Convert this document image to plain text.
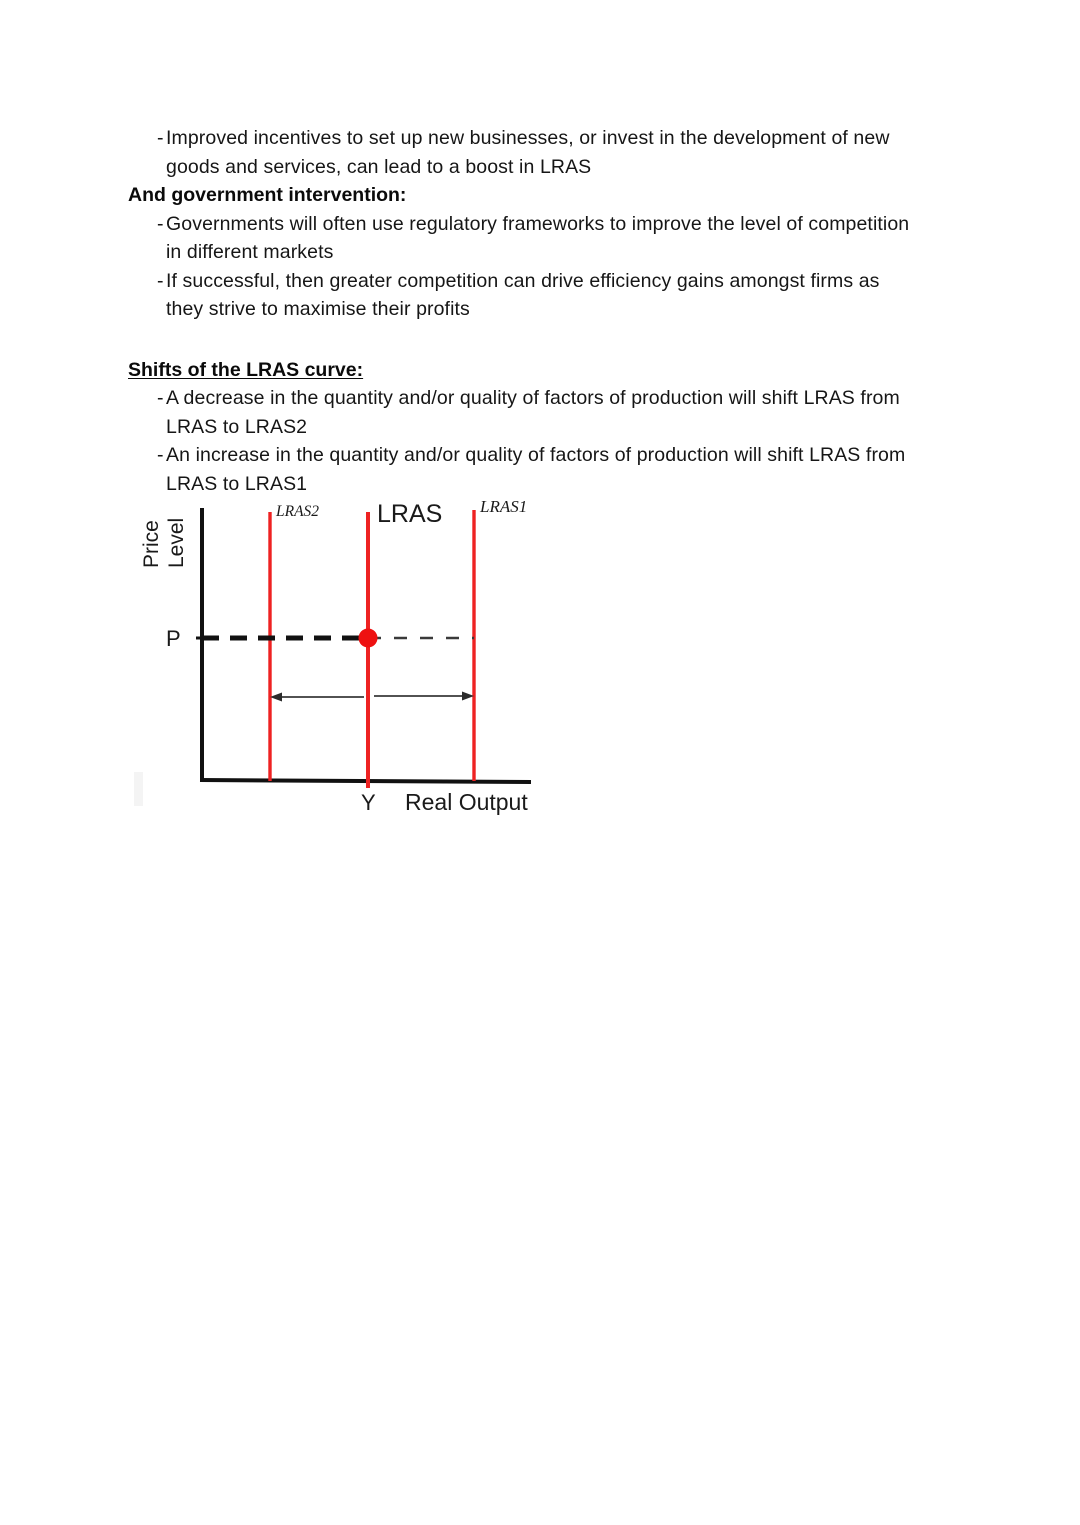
- Improved incentives to set up new businesses, or invest in the development of new
goods and services, can lead to a boost in LRAS
And government intervention:
- Governments will often use regulatory frameworks to improve the level of competition
in different markets
- If successful, then greater competition can drive efficiency gains amongst firms as
they strive to maximise their profits
Shifts of the LRAS curve:
- A decrease in the quantity and/or quality of factors of production will shift LRAS from
LRAS to LRAS2
- An increase in the quantity and/or quality of factors of production will shift LRAS from
LRAS to LRAS1
Price Level
P
LRAS2 LRAS LRAS1
Y Real Output
